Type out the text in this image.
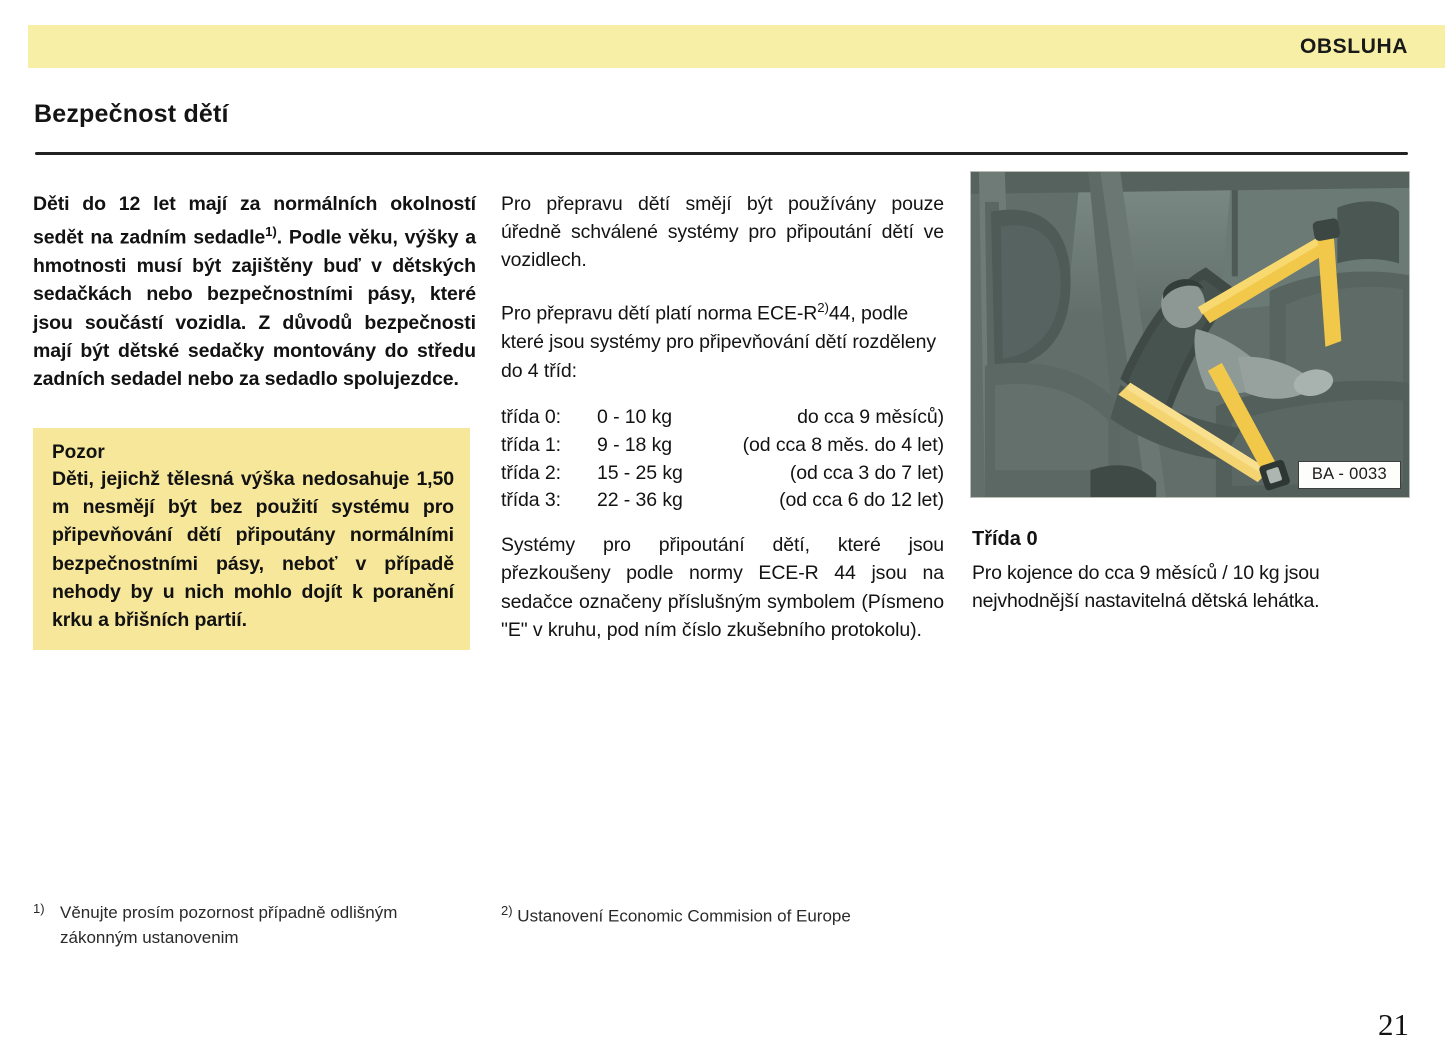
OBSLUHA
Bezpečnost dětí

Děti do 12 let mají za normálních okolností sedět na zadním sedadle$^{1)}$. Podle věku, výšky a hmotnosti musí být zajištěny buď v dětských sedačkách nebo bezpečnostními pásy, které jsou součástí vozidla. Z důvodů bezpečnosti mají být dětské sedačky montovány do středu zadních sedadel nebo za sedadlo spolujezdce.

Pozor
Děti, jejichž tělesná výška nedosahuje 1,50 m nesmějí být bez použití systému pro připevňování dětí připoutány normálními bezpečnostními pásy, neboť v případě nehody by u nich mohlo dojít k poranění krku a břišních partií.

Pro přepravu dětí smějí být používány pouze úředně schválené systémy pro připoutání dětí ve vozidlech.

Pro přepravu dětí platí norma ECE-$R^{2)}44$, podle které jsou systémy pro připevňování dětí rozděleny do 4 tříd:

třída 0:	0 - 10 kg	do cca 9 měsíců)
třída 1:	9 - 18 kg	(od cca 8 měs. do 4 let)
třída 2:	15 - 25 kg	(od cca 3 do 7 let)
třída 3:	22 - 36 kg	(od cca 6 do 12 let)

Systémy pro připoutání dětí, které jsou přezkoušeny podle normy ECE-R 44 jsou na sedačce označeny příslušným symbolem (Písmeno "E" v kruhu, pod ním číslo zkušebního protokolu).

BA - 0033
Třída 0
Pro kojence do cca 9 měsíců / 10 kg jsou nejvhodnější nastavitelná dětská lehátka.
1) Věnujte prosím pozornost případně odlišným zákonným ustanovenim
$^{2)}$ Ustanovení Economic Commision of Europe
21
